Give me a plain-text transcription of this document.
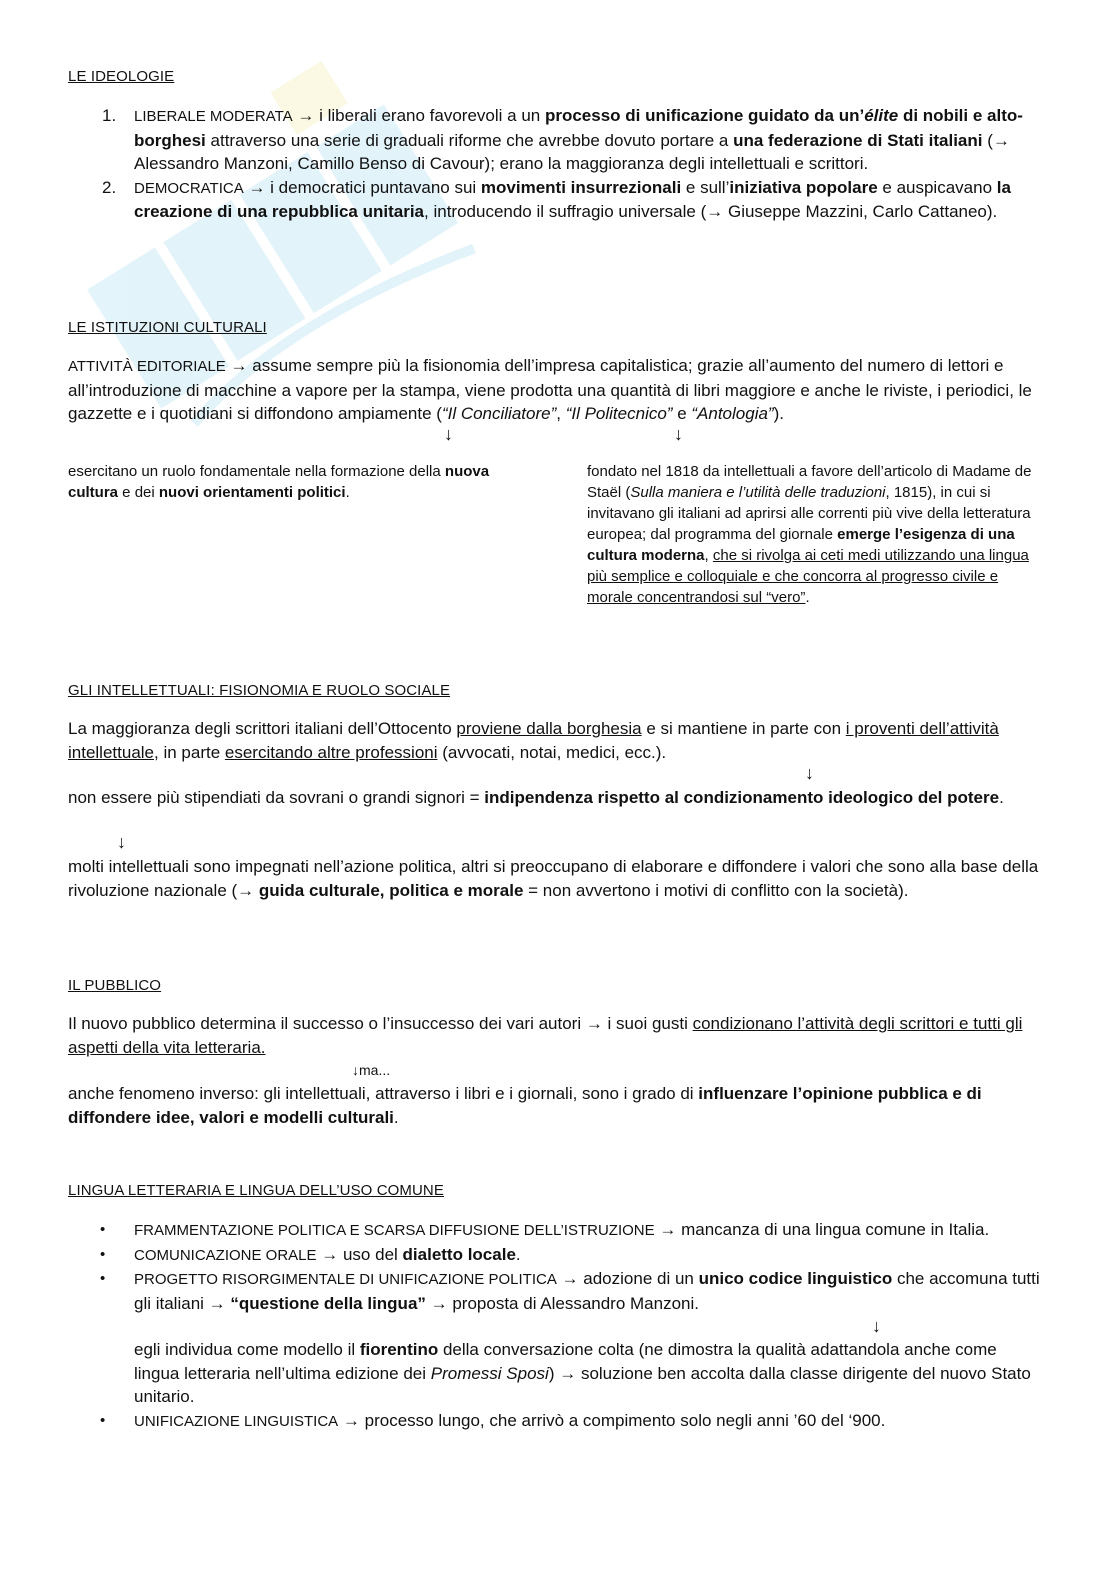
LE IDEOLOGIE
1. LIBERALE MODERATA → i liberali erano favorevoli a un processo di unificazione guidato da un’élite di nobili e alto-borghesi attraverso una serie di graduali riforme che avrebbe dovuto portare a una federazione di Stati italiani (→ Alessandro Manzoni, Camillo Benso di Cavour); erano la maggioranza degli intellettuali e scrittori.
2. DEMOCRATICA → i democratici puntavano sui movimenti insurrezionali e sull’iniziativa popolare e auspicavano la creazione di una repubblica unitaria, introducendo il suffragio universale (→ Giuseppe Mazzini, Carlo Cattaneo).
LE ISTITUZIONI CULTURALI
ATTIVITÀ EDITORIALE → assume sempre più la fisionomia dell’impresa capitalistica; grazie all’aumento del numero di lettori e all’introduzione di macchine a vapore per la stampa, viene prodotta una quantità di libri maggiore e anche le riviste, i periodici, le gazzette e i quotidiani si diffondono ampiamente (“Il Conciliatore”, “Il Politecnico” e “Antologia”).
↓	↓
esercitano un ruolo fondamentale nella formazione della nuova cultura e dei nuovi orientamenti politici.
fondato nel 1818 da intellettuali a favore dell’articolo di Madame de Staël (Sulla maniera e l’utilità delle traduzioni, 1815), in cui si invitavano gli italiani ad aprirsi alle correnti più vive della letteratura europea; dal programma del giornale emerge l’esigenza di una cultura moderna, che si rivolga ai ceti medi utilizzando una lingua più semplice e colloquiale e che concorra al progresso civile e morale concentrandosi sul “vero”.
GLI INTELLETTUALI: FISIONOMIA E RUOLO SOCIALE
La maggioranza degli scrittori italiani dell’Ottocento proviene dalla borghesia e si mantiene in parte con i proventi dell’attività intellettuale, in parte esercitando altre professioni (avvocati, notai, medici, ecc.).
↓
non essere più stipendiati da sovrani o grandi signori = indipendenza rispetto al condizionamento ideologico del potere.
↓
molti intellettuali sono impegnati nell’azione politica, altri si preoccupano di elaborare e diffondere i valori che sono alla base della rivoluzione nazionale (→ guida culturale, politica e morale = non avvertono i motivi di conflitto con la società).
IL PUBBLICO
Il nuovo pubblico determina il successo o l’insuccesso dei vari autori → i suoi gusti condizionano l’attività degli scrittori e tutti gli aspetti della vita letteraria.
↓ma...
anche fenomeno inverso: gli intellettuali, attraverso i libri e i giornali, sono i grado di influenzare l’opinione pubblica e di diffondere idee, valori e modelli culturali.
LINGUA LETTERARIA E LINGUA DELL’USO COMUNE
• FRAMMENTAZIONE POLITICA E SCARSA DIFFUSIONE DELL’ISTRUZIONE → mancanza di una lingua comune in Italia.
• COMUNICAZIONE ORALE → uso del dialetto locale.
• PROGETTO RISORGIMENTALE DI UNIFICAZIONE POLITICA → adozione di un unico codice linguistico che accomuna tutti gli italiani → “questione della lingua” → proposta di Alessandro Manzoni.
↓
egli individua come modello il fiorentino della conversazione colta (ne dimostra la qualità adattandola anche come lingua letteraria nell’ultima edizione dei Promessi Sposi) → soluzione ben accolta dalla classe dirigente del nuovo Stato unitario.
• UNIFICAZIONE LINGUISTICA → processo lungo, che arrivò a compimento solo negli anni ’60 del ‘900.
